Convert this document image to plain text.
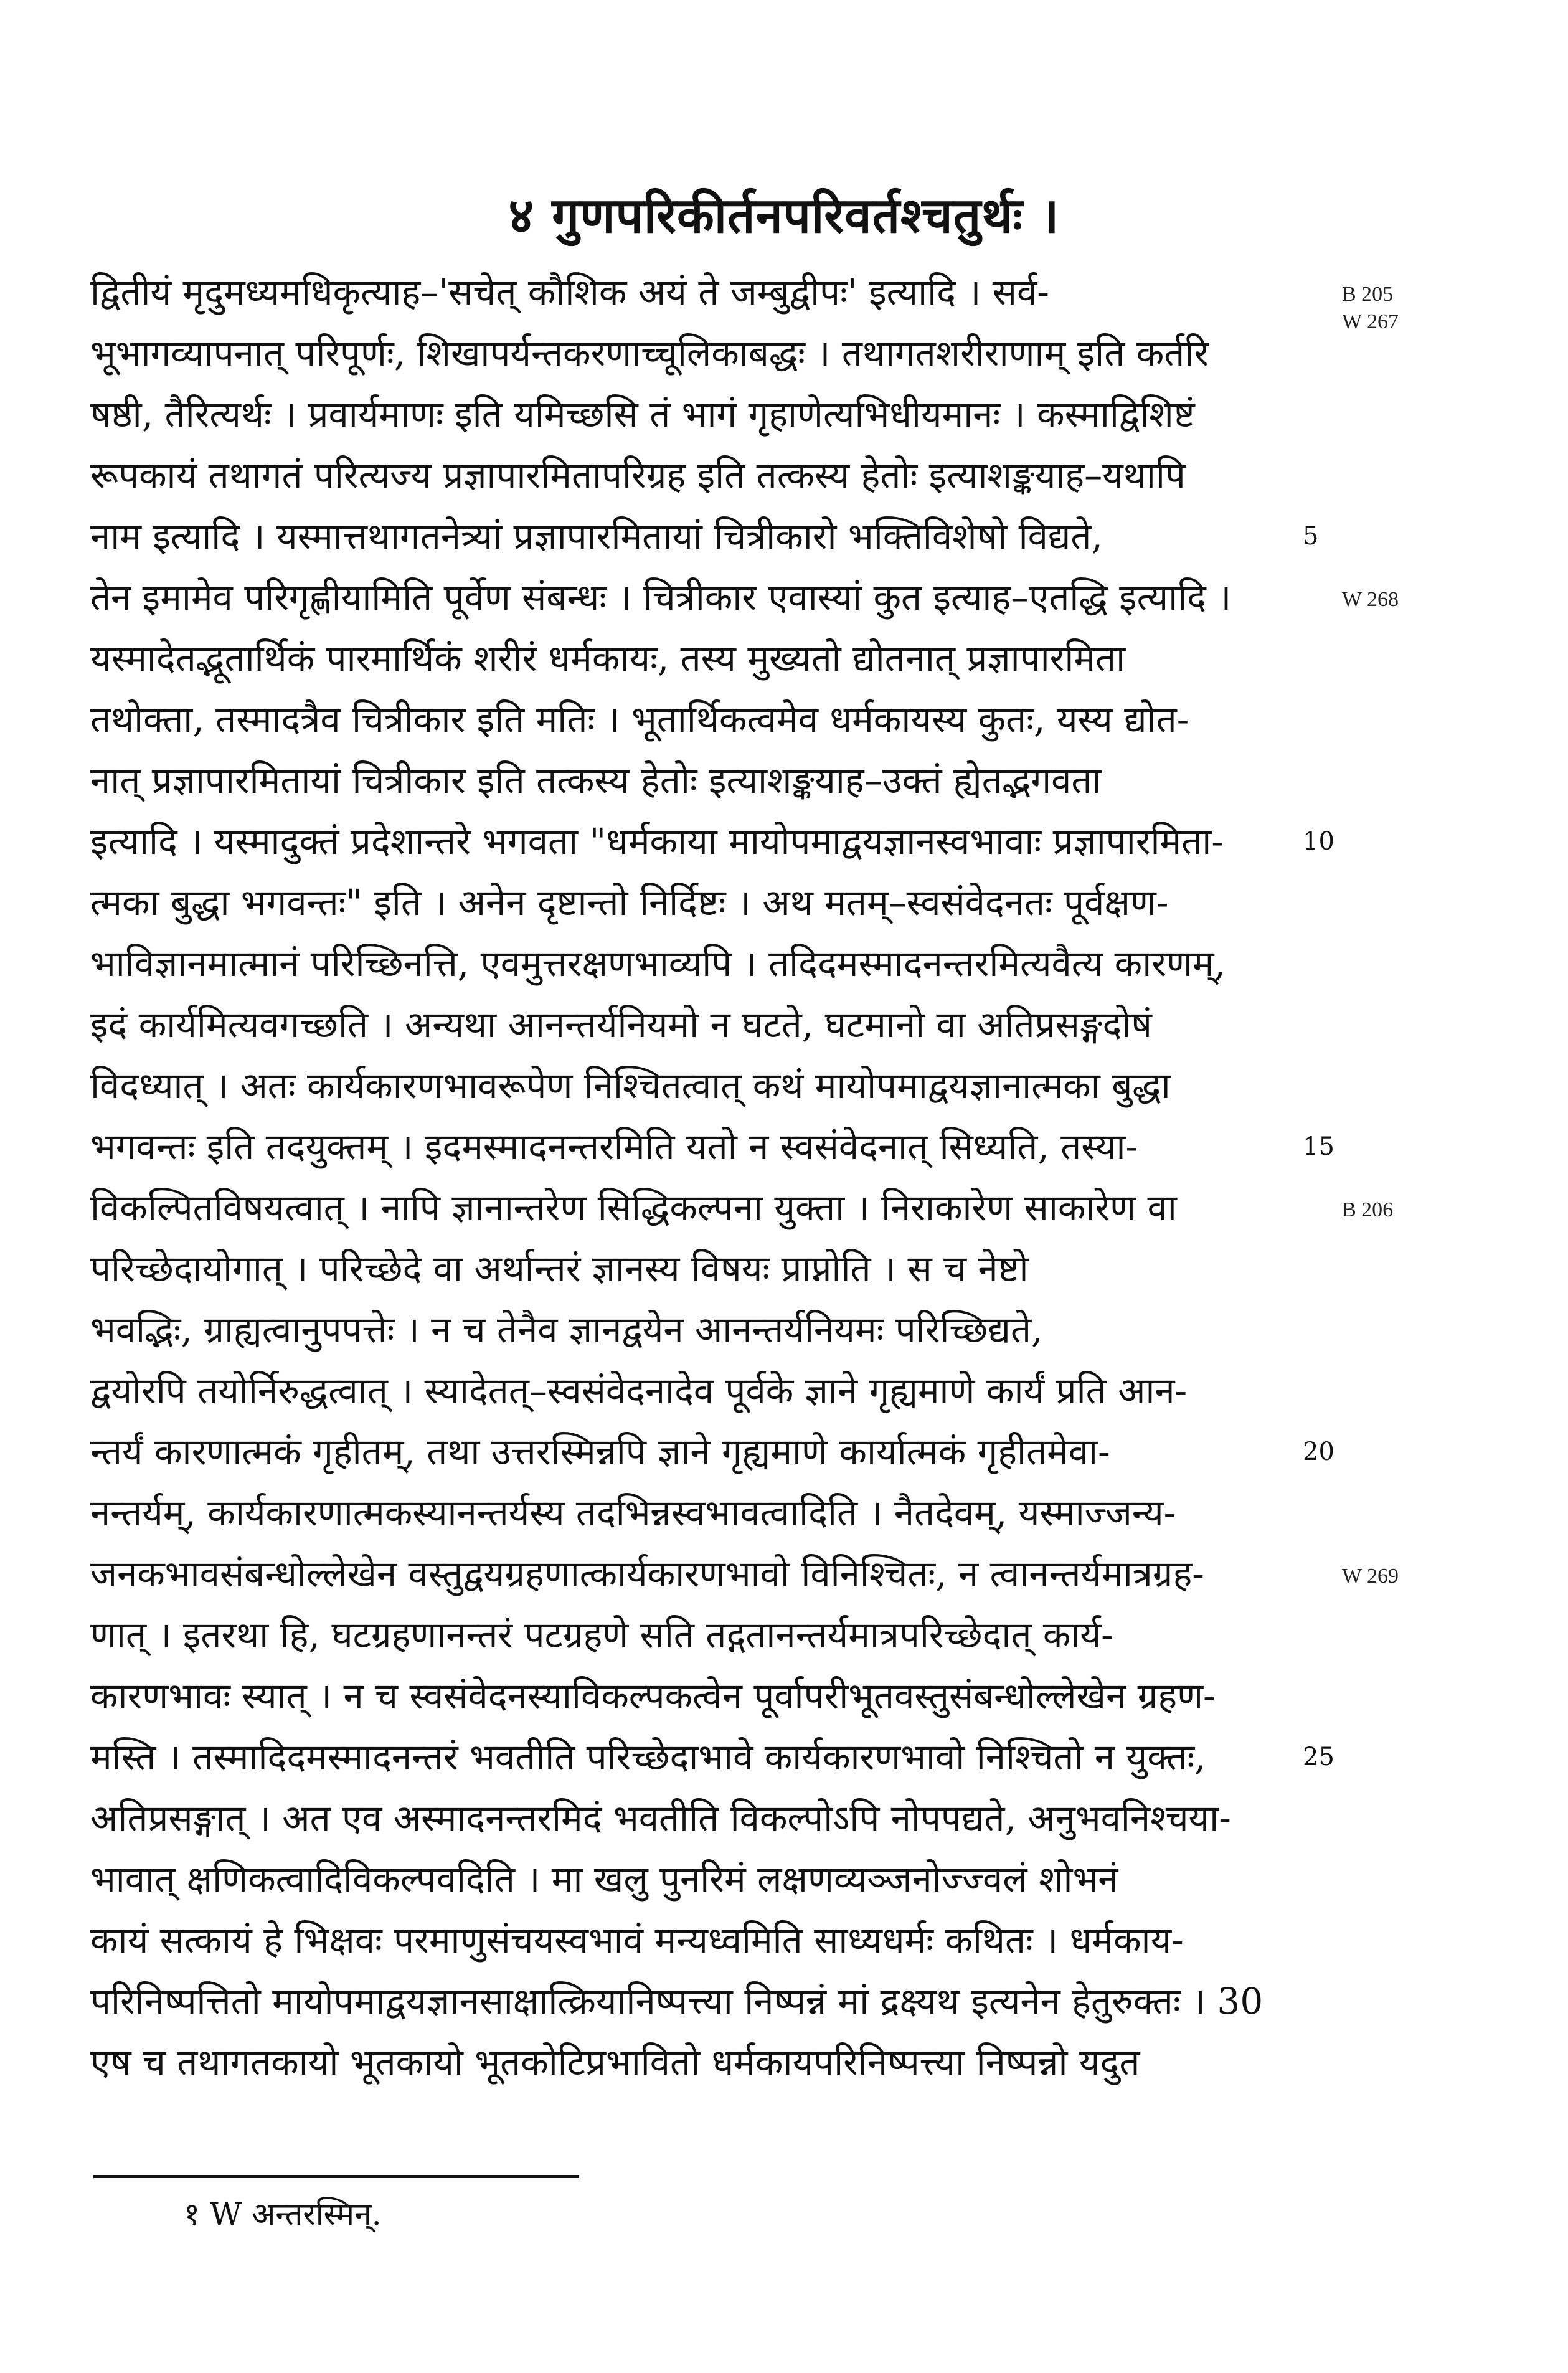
४ गुणपरिकीर्तनपरिवर्तश्चतुर्थः ।
द्वितीयं मृदुमध्यमधिकृत्याह–'सचेत् कौशिक अयं ते जम्बुद्वीपः' इत्यादि । सर्व-
भूभागव्यापनात् परिपूर्णः, शिखापर्यन्तकरणाच्चूलिकाबद्धः । तथागतशरीराणाम् इति कर्तरि
षष्ठी, तैरित्यर्थः । प्रवार्यमाणः इति यमिच्छसि तं भागं गृहाणेत्यभिधीयमानः । कस्माद्विशिष्टं
रूपकायं तथागतं परित्यज्य प्रज्ञापारमितापरिग्रह इति तत्कस्य हेतोः इत्याशङ्कयाह–यथापि
नाम इत्यादि । यस्मात्तथागतनेत्र्यां प्रज्ञापारमितायां चित्रीकारो भक्तिविशेषो विद्यते,
तेन इमामेव परिगृह्णीयामिति पूर्वेण संबन्धः । चित्रीकार एवास्यां कुत इत्याह–एतद्धि इत्यादि ।
यस्मादेतद्भूतार्थिकं पारमार्थिकं शरीरं धर्मकायः, तस्य मुख्यतो द्योतनात् प्रज्ञापारमिता
तथोक्ता, तस्मादत्रैव चित्रीकार इति मतिः । भूतार्थिकत्वमेव धर्मकायस्य कुतः, यस्य द्योत-
नात् प्रज्ञापारमितायां चित्रीकार इति तत्कस्य हेतोः इत्याशङ्कयाह–उक्तं ह्येतद्भगवता
इत्यादि । यस्मादुक्तं प्रदेशान्तरे भगवता "धर्मकाया मायोपमाद्वयज्ञानस्वभावाः प्रज्ञापारमिता-
त्मका बुद्धा भगवन्तः" इति । अनेन दृष्टान्तो निर्दिष्टः । अथ मतम्–स्वसंवेदनतः पूर्वक्षण-
भाविज्ञानमात्मानं परिच्छिनत्ति, एवमुत्तरक्षणभाव्यपि । तदिदमस्मादनन्तरमित्यवैत्य कारणम्,
इदं कार्यमित्यवगच्छति । अन्यथा आनन्तर्यनियमो न घटते, घटमानो वा अतिप्रसङ्गदोषं
विदध्यात् । अतः कार्यकारणभावरूपेण निश्चितत्वात् कथं मायोपमाद्वयज्ञानात्मका बुद्धा
भगवन्तः इति तदयुक्तम् । इदमस्मादनन्तरमिति यतो न स्वसंवेदनात् सिध्यति, तस्या-
विकल्पितविषयत्वात् । नापि ज्ञानान्तरेण सिद्धिकल्पना युक्ता । निराकारेण साकारेण वा
परिच्छेदायोगात् । परिच्छेदे वा अर्थान्तरं ज्ञानस्य विषयः प्राप्नोति । स च नेष्टो
भवद्भिः, ग्राह्यत्वानुपपत्तेः । न च तेनैव ज्ञानद्वयेन आनन्तर्यनियमः परिच्छिद्यते,
द्वयोरपि तयोर्निरुद्धत्वात् । स्यादेतत्–स्वसंवेदनादेव पूर्वके ज्ञाने गृह्यमाणे कार्यं प्रति आन-
न्तर्यं कारणात्मकं गृहीतम्, तथा उत्तरस्मिन्नपि ज्ञाने गृह्यमाणे कार्यात्मकं गृहीतमेवा-
नन्तर्यम्, कार्यकारणात्मकस्यानन्तर्यस्य तदभिन्नस्वभावत्वादिति । नैतदेवम्, यस्माज्जन्य-
जनकभावसंबन्धोल्लेखेन वस्तुद्वयग्रहणात्कार्यकारणभावो विनिश्चितः, न त्वानन्तर्यमात्रग्रह-
णात् । इतरथा हि, घटग्रहणानन्तरं पटग्रहणे सति तद्गतानन्तर्यमात्रपरिच्छेदात् कार्य-
कारणभावः स्यात् । न च स्वसंवेदनस्याविकल्पकत्वेन पूर्वापरीभूतवस्तुसंबन्धोल्लेखेन ग्रहण-
मस्ति । तस्मादिदमस्मादनन्तरं भवतीति परिच्छेदाभावे कार्यकारणभावो निश्चितो न युक्तः,
अतिप्रसङ्गात् । अत एव अस्मादनन्तरमिदं भवतीति विकल्पोऽपि नोपपद्यते, अनुभवनिश्चया-
भावात् क्षणिकत्वादिविकल्पवदिति । मा खलु पुनरिमं लक्षणव्यञ्जनोज्ज्वलं शोभनं
कायं सत्कायं हे भिक्षवः परमाणुसंचयस्वभावं मन्यध्वमिति साध्यधर्मः कथितः । धर्मकाय-
परिनिष्पत्तितो मायोपमाद्वयज्ञानसाक्षात्क्रियानिष्पत्त्या निष्पन्नं मां द्रक्ष्यथ इत्यनेन हेतुरुक्तः । 30
एष च तथागतकायो भूतकायो भूतकोटिप्रभावितो धर्मकायपरिनिष्पत्त्या निष्पन्नो यदुत
5
10
15
20
25
B 205
W 267
W 268
B 206
W 269
१ W अन्तरस्मिन्.
